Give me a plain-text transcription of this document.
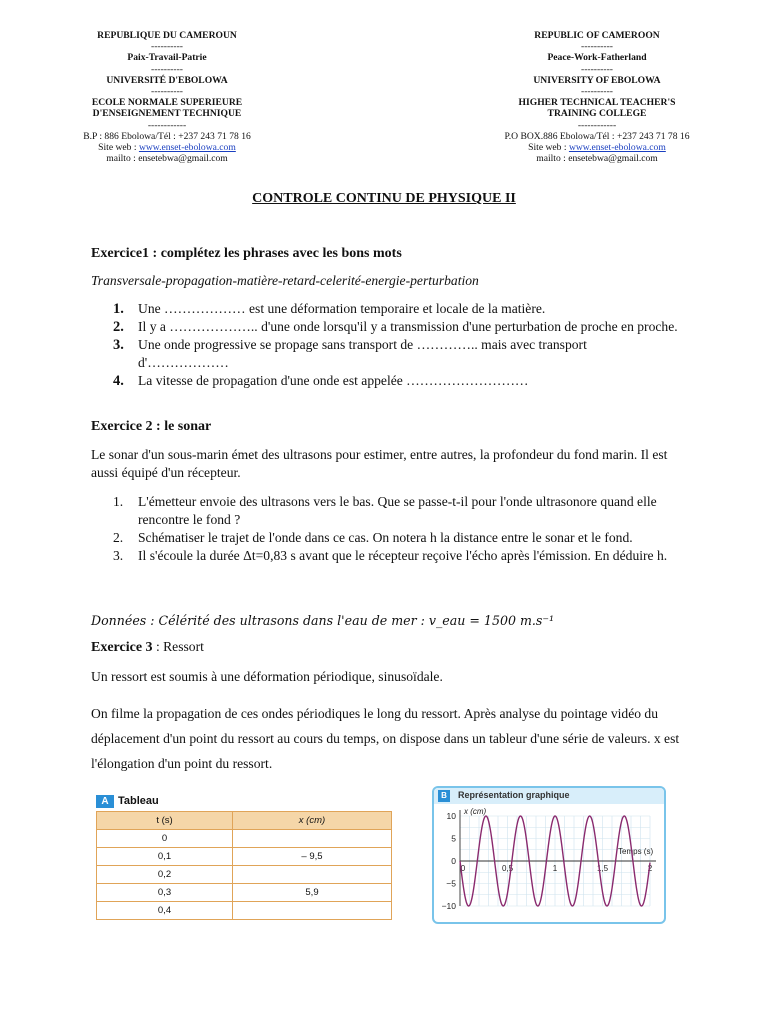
REPUBLIQUE DU CAMEROUN
----------
Paix-Travail-Patrie
----------
UNIVERSITÉ D'EBOLOWA
----------
ECOLE NORMALE SUPERIEURE
D'ENSEIGNEMENT TECHNIQUE
------------
B.P : 886 Ebolowa/Tél : +237 243 71 78 16
Site web : www.enset-ebolowa.com
mailto : ensetebwa@gmail.com
REPUBLIC OF CAMEROON
----------
Peace-Work-Fatherland
----------
UNIVERSITY OF EBOLOWA
----------
HIGHER TECHNICAL TEACHER'S
TRAINING COLLEGE
------------
P.O BOX.886 Ebolowa/Tél : +237 243 71 78 16
Site web : www.enset-ebolowa.com
mailto : ensetebwa@gmail.com
CONTROLE CONTINU DE PHYSIQUE II
Exercice1 : complétez les phrases avec les bons mots
Transversale-propagation-matière-retard-celerité-energie-perturbation
1. Une ……………… est une déformation temporaire et locale de la matière.
2. Il y a ……………….. d'une onde lorsqu'il y a transmission d'une perturbation de proche en proche.
3. Une onde progressive se propage sans transport de ………….. mais avec transport d'………………
4. La vitesse de propagation d'une onde est appelée ………………………
Exercice 2 : le sonar
Le sonar d'un sous-marin émet des ultrasons pour estimer, entre autres, la profondeur du fond marin. Il est aussi équipé d'un récepteur.
1. L'émetteur envoie des ultrasons vers le bas. Que se passe-t-il pour l'onde ultrasonore quand elle rencontre le fond ?
2. Schématiser le trajet de l'onde dans ce cas. On notera h la distance entre le sonar et le fond.
3. Il s'écoule la durée Δt=0,83 s avant que le récepteur reçoive l'écho après l'émission. En déduire h.
Données : Célérité des ultrasons dans l'eau de mer : v_eau = 1500 m.s⁻¹
Exercice 3 : Ressort
Un ressort est soumis à une déformation périodique, sinusoïdale.
On filme la propagation de ces ondes périodiques le long du ressort. Après analyse du pointage vidéo du déplacement d'un point du ressort au cours du temps, on dispose dans un tableur d'une série de valeurs. x est l'élongation d'un point du ressort.
A Tableau
t (s)	x (cm)
0	
0,1	– 9,5
0,2	
0,3	5,9
0,4	
B	Représentation graphique
10
5
0
−5
−10
0	0,5	1	1,5	2
x (cm)
Temps (s)
